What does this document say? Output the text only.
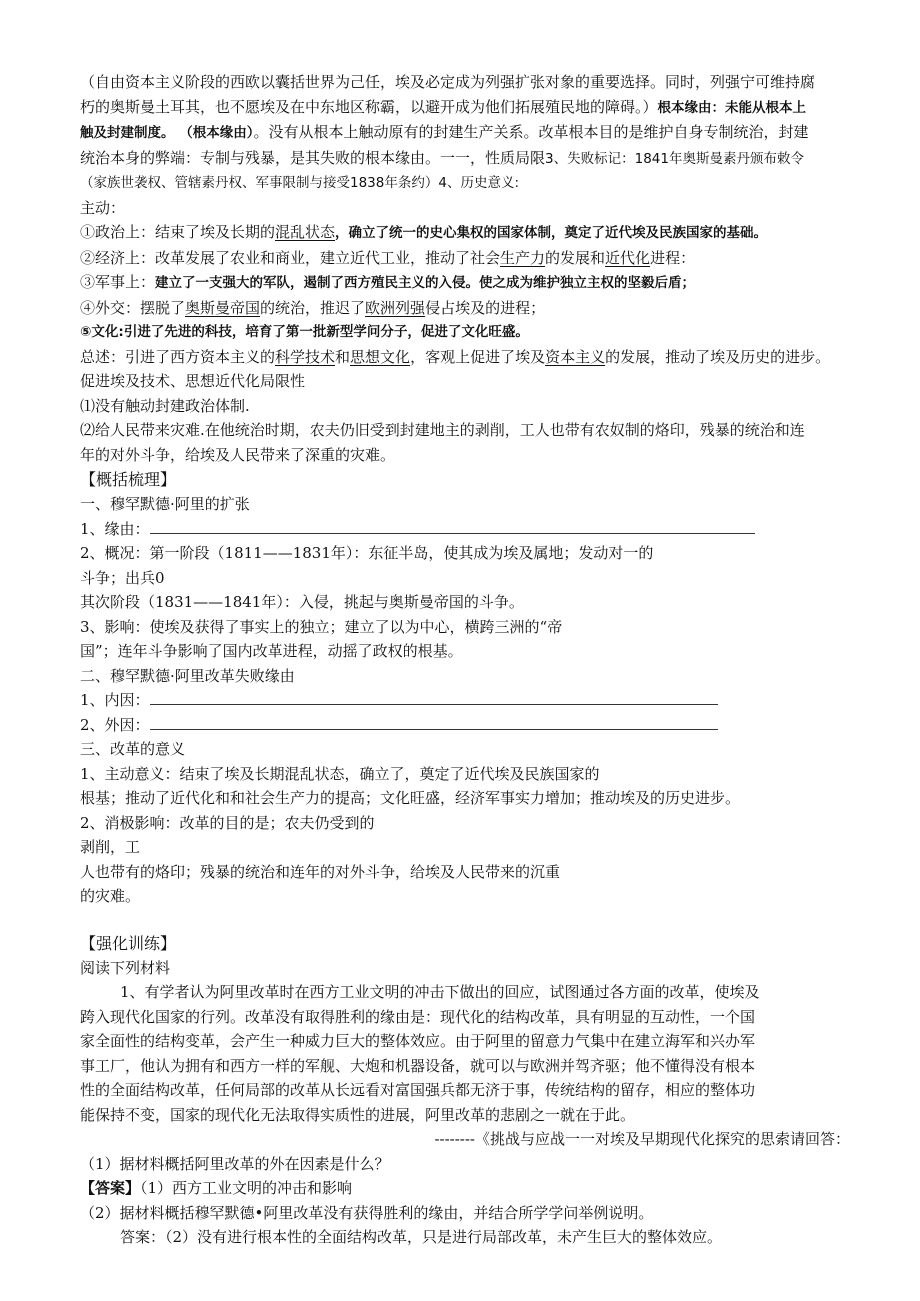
（自由资本主义阶段的西欧以囊括世界为己任，埃及必定成为列强扩张对象的重要选择。同时，列强宁可维持腐

朽的奥斯曼土耳其，也不愿埃及在中东地区称霸，以避开成为他们拓展殖民地的障碍。）根本缘由：未能从根本上

触及封建制度。 （根本缘由）。没有从根本上触动原有的封建生产关系。改革根本目的是维护自身专制统治，封建

统治本身的弊端：专制与残暴，是其失败的根本缘由。一一，性质局限3、失败标记：1841年奥斯曼素丹颁布敕令

（家族世袭权、管辖素丹权、军事限制与接受1838年条约）4、历史意义:

主动：

①政治上：结束了埃及长期的混乱状态，确立了统一的史心集权的国家体制，奠定了近代埃及民族国家的基础。

②经济上：改革发展了农业和商业，建立近代工业，推动了社会生产力的发展和近代化进程：

③军事上：建立了一支强大的军队，遏制了西方殖民主义的入侵。使之成为维护独立主权的坚毅后盾；

④外交：摆脱了奥斯曼帝国的统治，推迟了欧洲列强侵占埃及的进程；

⑤文化:引进了先进的科技，培育了第一批新型学问分子，促进了文化旺盛。

总述：引进了西方资本主义的科学技术和思想文化，客观上促进了埃及资本主义的发展，推动了埃及历史的进步。

促进埃及技术、思想近代化局限性

⑴没有触动封建政治体制.

⑵给人民带来灾难.在他统治时期，农夫仍旧受到封建地主的剥削，工人也带有农奴制的烙印，残暴的统治和连

年的对外斗争，给埃及人民带来了深重的灾难。

【概括梳理】

一、穆罕默德·阿里的扩张

1、缘由：

2、概况：第一阶段（1811——1831年）：东征半岛，使其成为埃及属地；发动对一的

斗争；出兵0

其次阶段（1831——1841年）：入侵，挑起与奥斯曼帝国的斗争。

3、影响：使埃及获得了事实上的独立；建立了以为中心，横跨三洲的“帝

国”；连年斗争影响了国内改革进程，动摇了政权的根基。

二、穆罕默德·阿里改革失败缘由

1、内因：

2、外因：

三、改革的意义

1、主动意义：结束了埃及长期混乱状态，确立了，奠定了近代埃及民族国家的

根基；推动了近代化和和社会生产力的提高；文化旺盛，经济军事实力增加；推动埃及的历史进步。

2、消极影响：改革的目的是；农夫仍受到的

剥削，工

人也带有的烙印；残暴的统治和连年的对外斗争，给埃及人民带来的沉重

的灾难。

【强化训练】

阅读下列材料

1、有学者认为阿里改革时在西方工业文明的冲击下做出的回应，试图通过各方面的改革，使埃及

跨入现代化国家的行列。改革没有取得胜利的缘由是：现代化的结构改革，具有明显的互动性，一个国

家全面性的结构变革，会产生一种威力巨大的整体效应。由于阿里的留意力气集中在建立海军和兴办军

事工厂，他认为拥有和西方一样的军舰、大炮和机器设备，就可以与欧洲并驾齐驱；他不懂得没有根本

性的全面结构改革，任何局部的改革从长远看对富国强兵都无济于事，传统结构的留存，相应的整体功

能保持不变，国家的现代化无法取得实质性的进展，阿里改革的悲剧之一就在于此。

--------《挑战与应战一一对埃及早期现代化探究的思索请回答：

（1）据材料概括阿里改革的外在因素是什么？

【答案】（1）西方工业文明的冲击和影响

（2）据材料概括穆罕默德•阿里改革没有获得胜利的缘由，并结合所学学问举例说明。

答案：（2）没有进行根本性的全面结构改革，只是进行局部改革，未产生巨大的整体效应。
